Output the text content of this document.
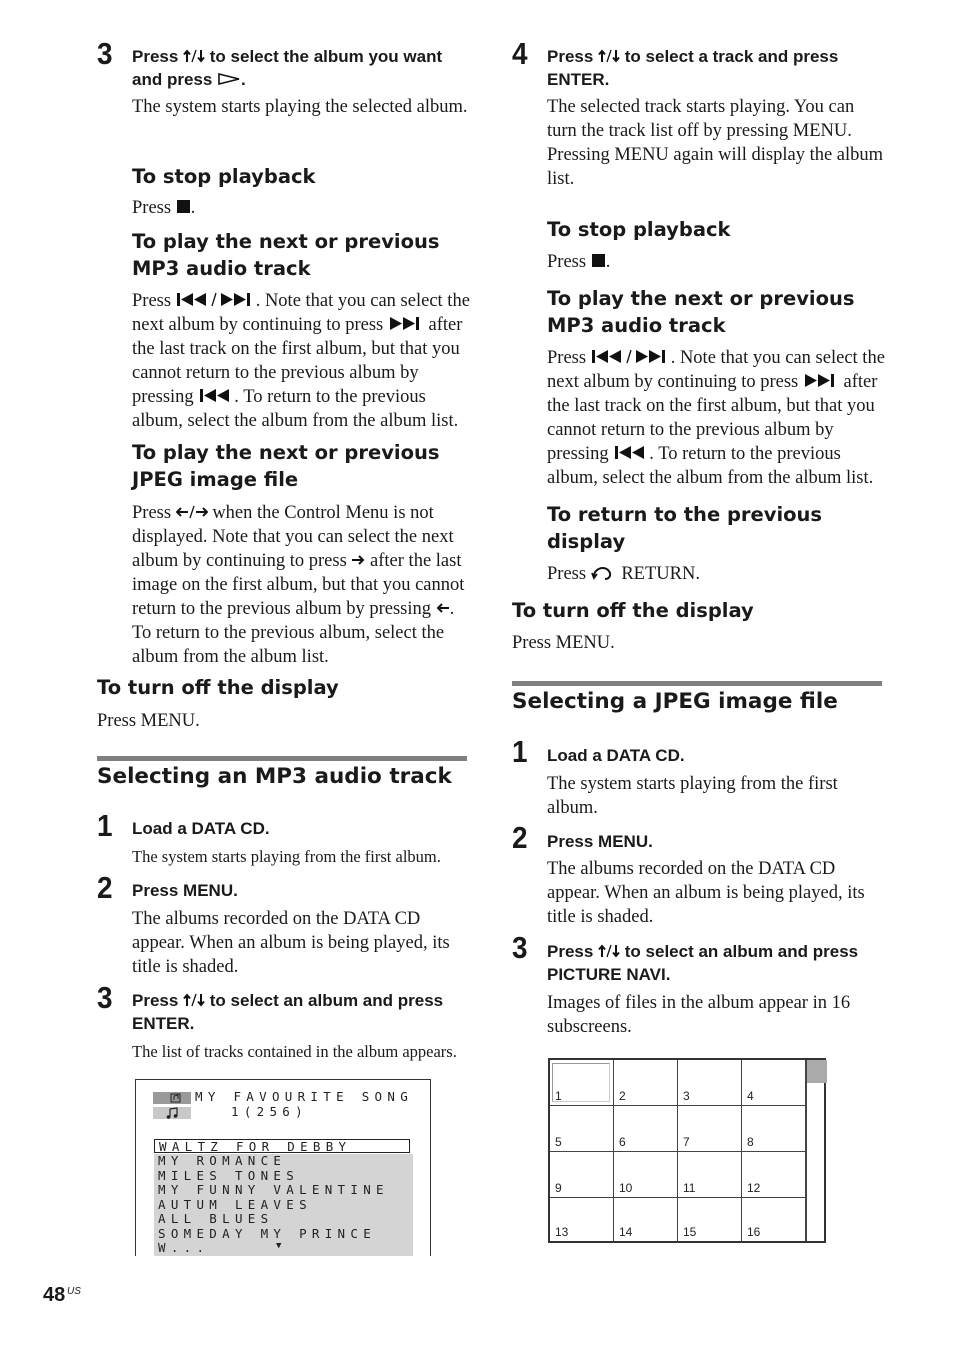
3 Press  to select the album you want and press .
The system starts playing the selected album.
To stop playback
Press .
To play the next or previous MP3 audio track
Press	. Note that you can select the next album by continuing to press  after the last track on the first album, but that you cannot return to the previous album by pressing . To return to the previous album, select the album from the album list.
To play the next or previous JPEG image file
Press  when the Control Menu is not displayed. Note that you can select the next album by continuing to press  after the last image on the first album, but that you cannot return to the previous album by pressing . To return to the previous album, select the album from the album list.
To turn off the display
Press MENU.
Selecting an MP3 audio track
1 Load a DATA CD.
The system starts playing from the first album.
2 Press MENU.
The albums recorded on the DATA CD appear. When an album is being played, its title is shaded.
3 Press  to select an album and press ENTER.
The list of tracks contained in the album appears.
MY FAVOURITE SONG
1(256)
WALTZ FOR DEBBY
MY ROMANCE
MILES TONES
MY FUNNY VALENTINE
AUTUM LEAVES
ALL BLUES
SOMEDAY MY PRINCE W...	▼
4 Press  to select a track and press ENTER.
The selected track starts playing. You can turn the track list off by pressing MENU. Pressing MENU again will display the album list.
To stop playback
Press .
To play the next or previous MP3 audio track
Press	. Note that you can select the next album by continuing to press  after the last track on the first album, but that you cannot return to the previous album by pressing . To return to the previous album, select the album from the album list.
To return to the previous display
Press  RETURN.
To turn off the display
Press MENU.
Selecting a JPEG image file
1 Load a DATA CD.
The system starts playing from the first album.
2 Press MENU.
The albums recorded on the DATA CD appear. When an album is being played, its title is shaded.
3 Press  to select an album and press PICTURE NAVI.
Images of files in the album appear in 16 subscreens.
1	2	3	4
5	6	7	8
9	10	11	12
13	14	15	16
48 US
